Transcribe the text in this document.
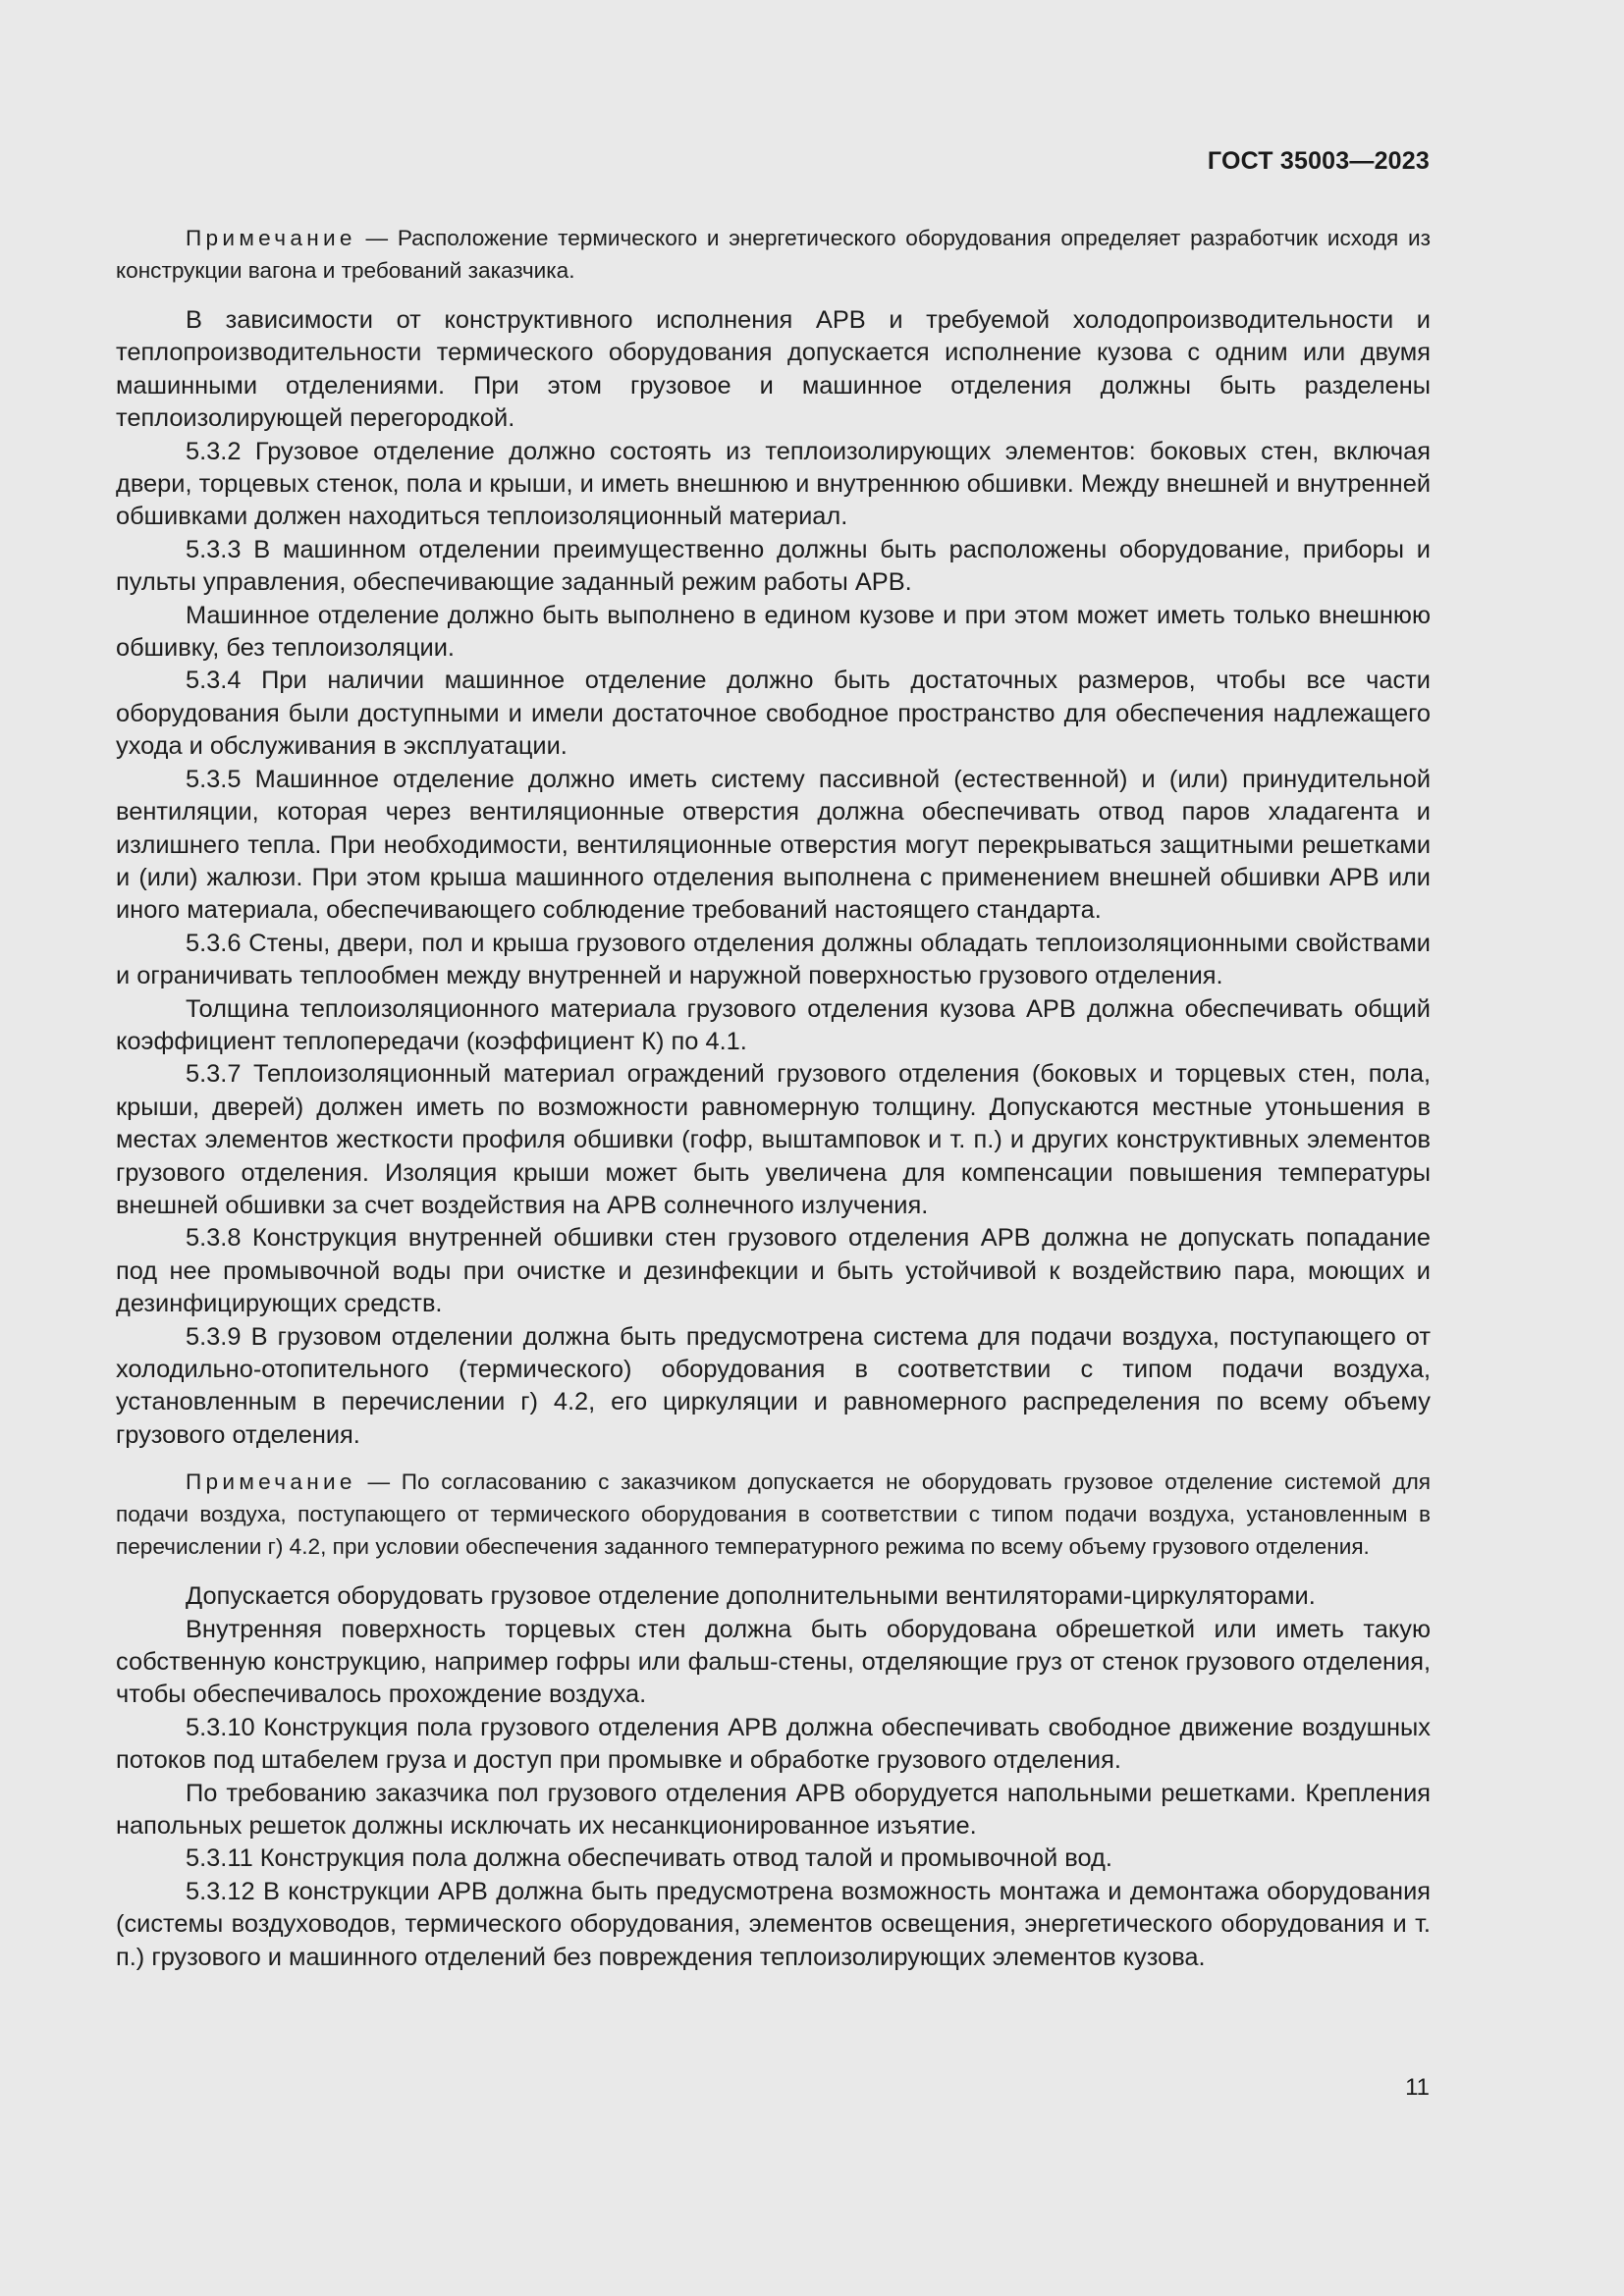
ГОСТ 35003—2023

Примечание — Расположение термического и энергетического оборудования определяет разработчик исходя из конструкции вагона и требований заказчика.

В зависимости от конструктивного исполнения АРВ и требуемой холодопроизводительности и теплопроизводительности термического оборудования допускается исполнение кузова с одним или двумя машинными отделениями. При этом грузовое и машинное отделения должны быть разделены теплоизолирующей перегородкой.

5.3.2 Грузовое отделение должно состоять из теплоизолирующих элементов: боковых стен, включая двери, торцевых стенок, пола и крыши, и иметь внешнюю и внутреннюю обшивки. Между внешней и внутренней обшивками должен находиться теплоизоляционный материал.

5.3.3 В машинном отделении преимущественно должны быть расположены оборудование, приборы и пульты управления, обеспечивающие заданный режим работы АРВ.

Машинное отделение должно быть выполнено в едином кузове и при этом может иметь только внешнюю обшивку, без теплоизоляции.

5.3.4 При наличии машинное отделение должно быть достаточных размеров, чтобы все части оборудования были доступными и имели достаточное свободное пространство для обеспечения надлежащего ухода и обслуживания в эксплуатации.

5.3.5 Машинное отделение должно иметь систему пассивной (естественной) и (или) принудительной вентиляции, которая через вентиляционные отверстия должна обеспечивать отвод паров хладагента и излишнего тепла. При необходимости, вентиляционные отверстия могут перекрываться защитными решетками и (или) жалюзи. При этом крыша машинного отделения выполнена с применением внешней обшивки АРВ или иного материала, обеспечивающего соблюдение требований настоящего стандарта.

5.3.6 Стены, двери, пол и крыша грузового отделения должны обладать теплоизоляционными свойствами и ограничивать теплообмен между внутренней и наружной поверхностью грузового отделения.

Толщина теплоизоляционного материала грузового отделения кузова АРВ должна обеспечивать общий коэффициент теплопередачи (коэффициент К) по 4.1.

5.3.7 Теплоизоляционный материал ограждений грузового отделения (боковых и торцевых стен, пола, крыши, дверей) должен иметь по возможности равномерную толщину. Допускаются местные утоньшения в местах элементов жесткости профиля обшивки (гофр, выштамповок и т. п.) и других конструктивных элементов грузового отделения. Изоляция крыши может быть увеличена для компенсации повышения температуры внешней обшивки за счет воздействия на АРВ солнечного излучения.

5.3.8 Конструкция внутренней обшивки стен грузового отделения АРВ должна не допускать попадание под нее промывочной воды при очистке и дезинфекции и быть устойчивой к воздействию пара, моющих и дезинфицирующих средств.

5.3.9 В грузовом отделении должна быть предусмотрена система для подачи воздуха, поступающего от холодильно-отопительного (термического) оборудования в соответствии с типом подачи воздуха, установленным в перечислении г) 4.2, его циркуляции и равномерного распределения по всему объему грузового отделения.

Примечание — По согласованию с заказчиком допускается не оборудовать грузовое отделение системой для подачи воздуха, поступающего от термического оборудования в соответствии с типом подачи воздуха, установленным в перечислении г) 4.2, при условии обеспечения заданного температурного режима по всему объему грузового отделения.

Допускается оборудовать грузовое отделение дополнительными вентиляторами-циркуляторами.

Внутренняя поверхность торцевых стен должна быть оборудована обрешеткой или иметь такую собственную конструкцию, например гофры или фальш-стены, отделяющие груз от стенок грузового отделения, чтобы обеспечивалось прохождение воздуха.

5.3.10 Конструкция пола грузового отделения АРВ должна обеспечивать свободное движение воздушных потоков под штабелем груза и доступ при промывке и обработке грузового отделения.

По требованию заказчика пол грузового отделения АРВ оборудуется напольными решетками. Крепления напольных решеток должны исключать их несанкционированное изъятие.

5.3.11 Конструкция пола должна обеспечивать отвод талой и промывочной вод.

5.3.12 В конструкции АРВ должна быть предусмотрена возможность монтажа и демонтажа оборудования (системы воздуховодов, термического оборудования, элементов освещения, энергетического оборудования и т. п.) грузового и машинного отделений без повреждения теплоизолирующих элементов кузова.

11
